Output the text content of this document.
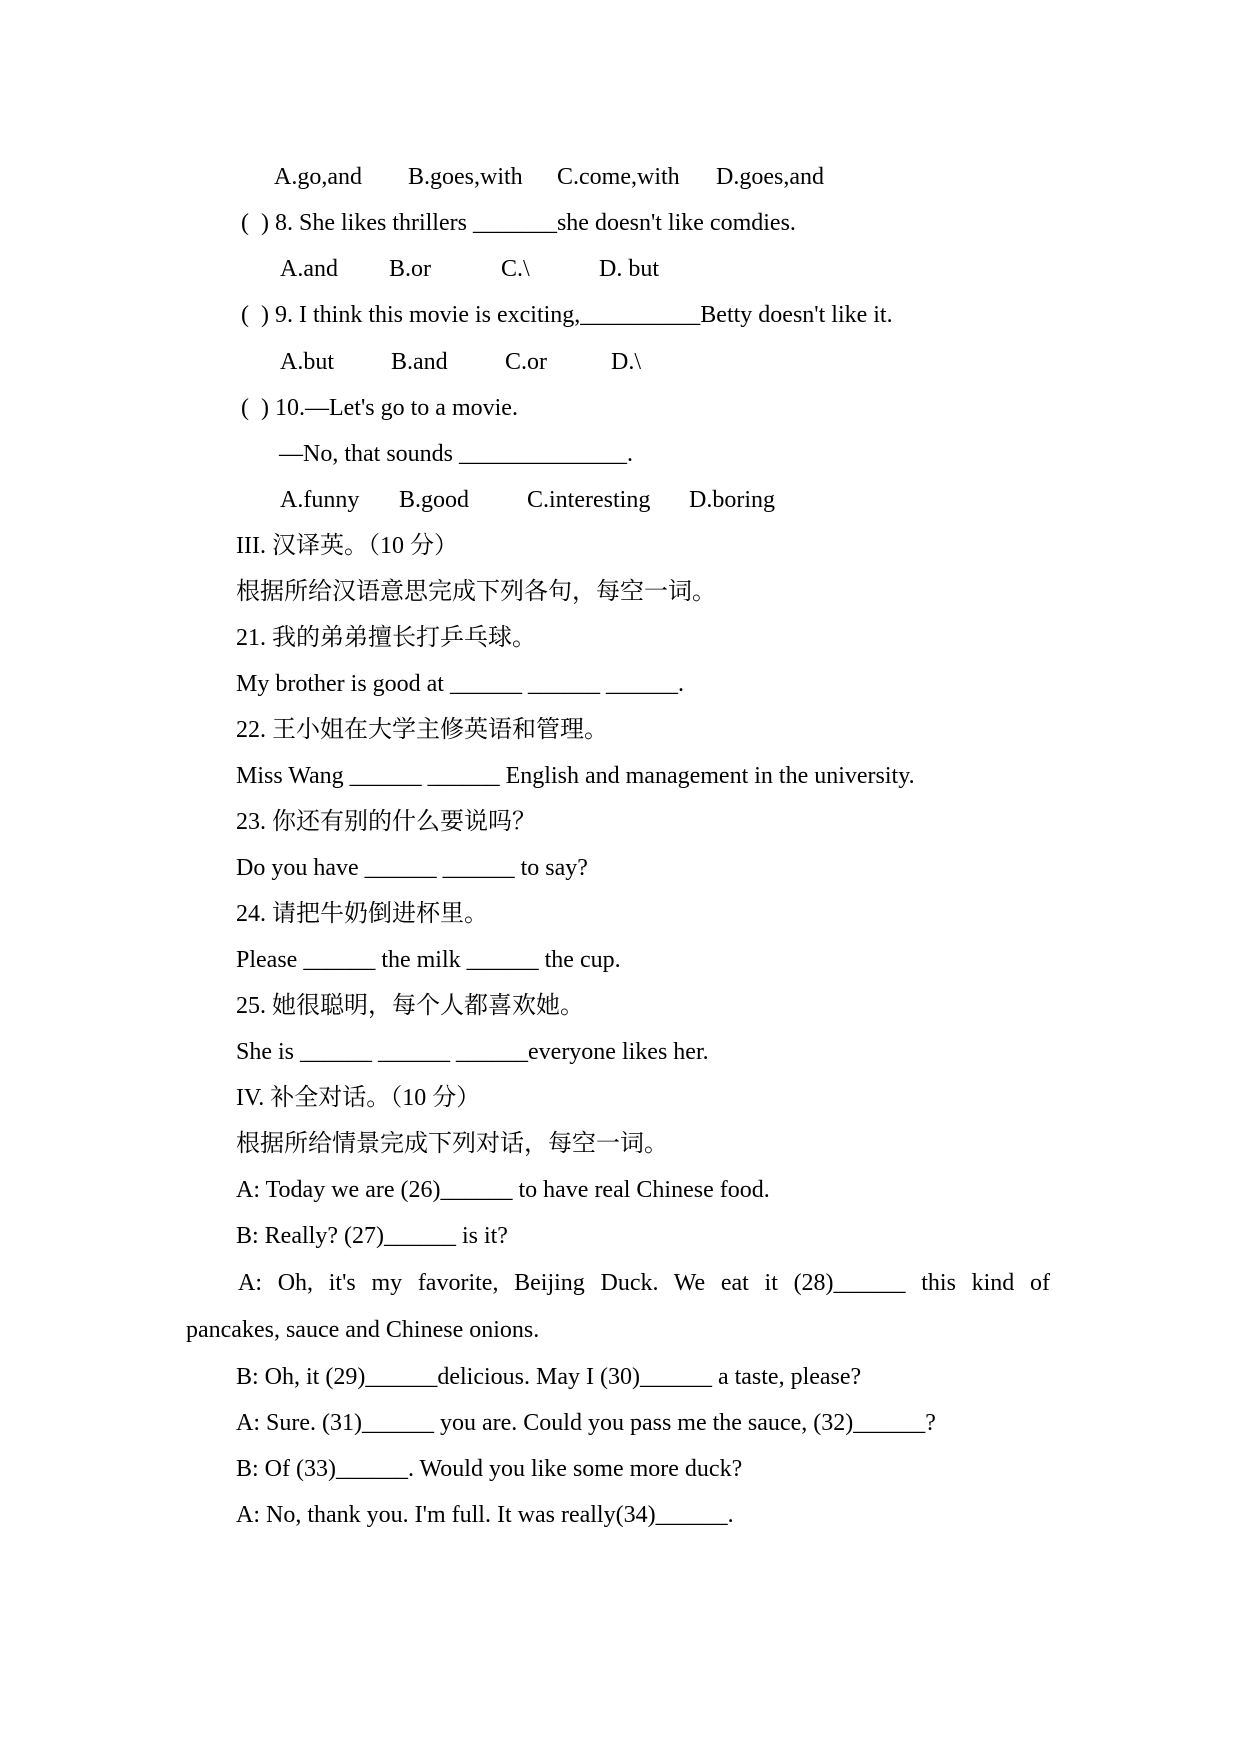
A.go,and B.goes,with C.come,with D.goes,and
(  ) 8. She likes thrillers _______she doesn't like comdies.
A.and B.or	C.\	D. but
(  ) 9. I think this movie is exciting,__________Betty doesn't like it.
A.but B.and C.or	D.\
(  ) 10.—Let's go to a movie.
—No, that sounds ______________.
A.funny B.good C.interesting D.boring
III. 汉译英。（10 分）
根据所给汉语意思完成下列各句，每空一词。
21. 我的弟弟擅长打乒乓球。
My brother is good at ______ ______ ______.
22. 王小姐在大学主修英语和管理。
Miss Wang ______ ______ English and management in the university.
23. 你还有别的什么要说吗？
Do you have ______ ______ to say?
24. 请把牛奶倒进杯里。
Please ______ the milk ______ the cup.
25. 她很聪明，每个人都喜欢她。
She is ______ ______ ______everyone likes her.
IV. 补全对话。（10 分）
根据所给情景完成下列对话，每空一词。
A: Today we are (26)______ to have real Chinese food.
B: Really? (27)______ is it?
A: Oh, it's my favorite, Beijing Duck. We eat it (28)______ this kind of
pancakes, sauce and Chinese onions.
B: Oh, it (29)______delicious. May I (30)______ a taste, please?
A: Sure. (31)______ you are. Could you pass me the sauce, (32)______?
B: Of (33)______. Would you like some more duck?
A: No, thank you. I'm full. It was really(34)______.
